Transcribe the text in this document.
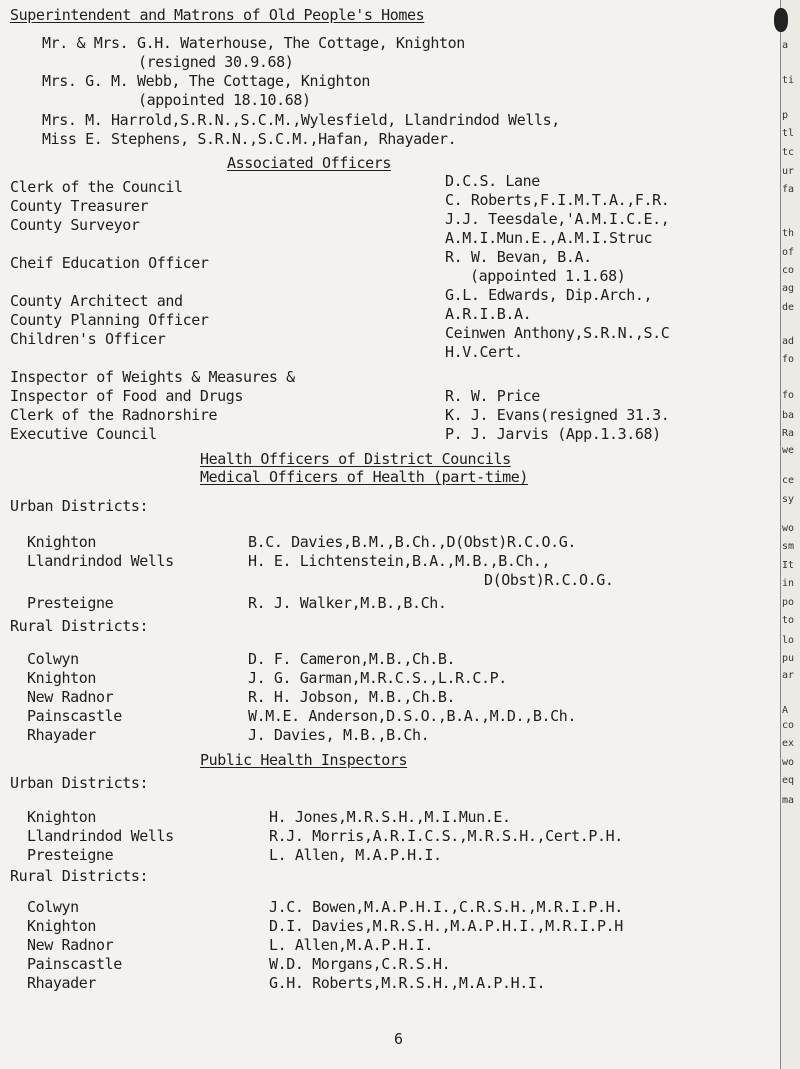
Superintendent and Matrons of Old People's Homes
Mr. & Mrs. G.H. Waterhouse, The Cottage, Knighton
(resigned 30.9.68)
Mrs. G. M. Webb, The Cottage, Knighton
(appointed 18.10.68)
Mrs. M. Harrold,S.R.N.,S.C.M.,Wylesfield, Llandrindod Wells,
Miss E. Stephens, S.R.N.,S.C.M.,Hafan, Rhayader.
Associated Officers
Clerk of the Council	D.C.S. Lane
County Treasurer	C. Roberts,F.I.M.T.A.,F.R.
County Surveyor	J.J. Teesdale,'A.M.I.C.E.,
A.M.I.Mun.E.,A.M.I.Struc
Cheif Education Officer	R. W. Bevan, B.A.
(appointed 1.1.68)
County Architect and	G.L. Edwards, Dip.Arch.,
County Planning Officer	A.R.I.B.A.
Children's Officer	Ceinwen Anthony,S.R.N.,S.C
H.V.Cert.
Inspector of Weights & Measures &
Inspector of Food and Drugs	R. W. Price
Clerk of the Radnorshire	K. J. Evans(resigned 31.3.
Executive Council	P. J. Jarvis (App.1.3.68)
Health Officers of District Councils
Medical Officers of Health (part-time)
Urban Districts:
Knighton	B.C. Davies,B.M.,B.Ch.,D(Obst)R.C.O.G.
Llandrindod Wells	H. E. Lichtenstein,B.A.,M.B.,B.Ch.,
D(Obst)R.C.O.G.
Presteigne	R. J. Walker,M.B.,B.Ch.
Rural Districts:
Colwyn	D. F. Cameron,M.B.,Ch.B.
Knighton	J. G. Garman,M.R.C.S.,L.R.C.P.
New Radnor	R. H. Jobson, M.B.,Ch.B.
Painscastle	W.M.E. Anderson,D.S.O.,B.A.,M.D.,B.Ch.
Rhayader	J. Davies, M.B.,B.Ch.
Public Health Inspectors
Urban Districts:
Knighton	H. Jones,M.R.S.H.,M.I.Mun.E.
Llandrindod Wells	R.J. Morris,A.R.I.C.S.,M.R.S.H.,Cert.P.H.
Presteigne	L. Allen, M.A.P.H.I.
Rural Districts:
Colwyn	J.C. Bowen,M.A.P.H.I.,C.R.S.H.,M.R.I.P.H.
Knighton	D.I. Davies,M.R.S.H.,M.A.P.H.I.,M.R.I.P.H
New Radnor	L. Allen,M.A.P.H.I.
Painscastle	W.D. Morgans,C.R.S.H.
Rhayader	G.H. Roberts,M.R.S.H.,M.A.P.H.I.
6
a
ti
p
tl
tc
ur
fa
th
of
co
ag
de
ad
fo
fo
ba
Ra
we
ce
sy
wo
sm
It
in
po
to
lo
pu
ar
A
co
ex
wo
eq
ma
